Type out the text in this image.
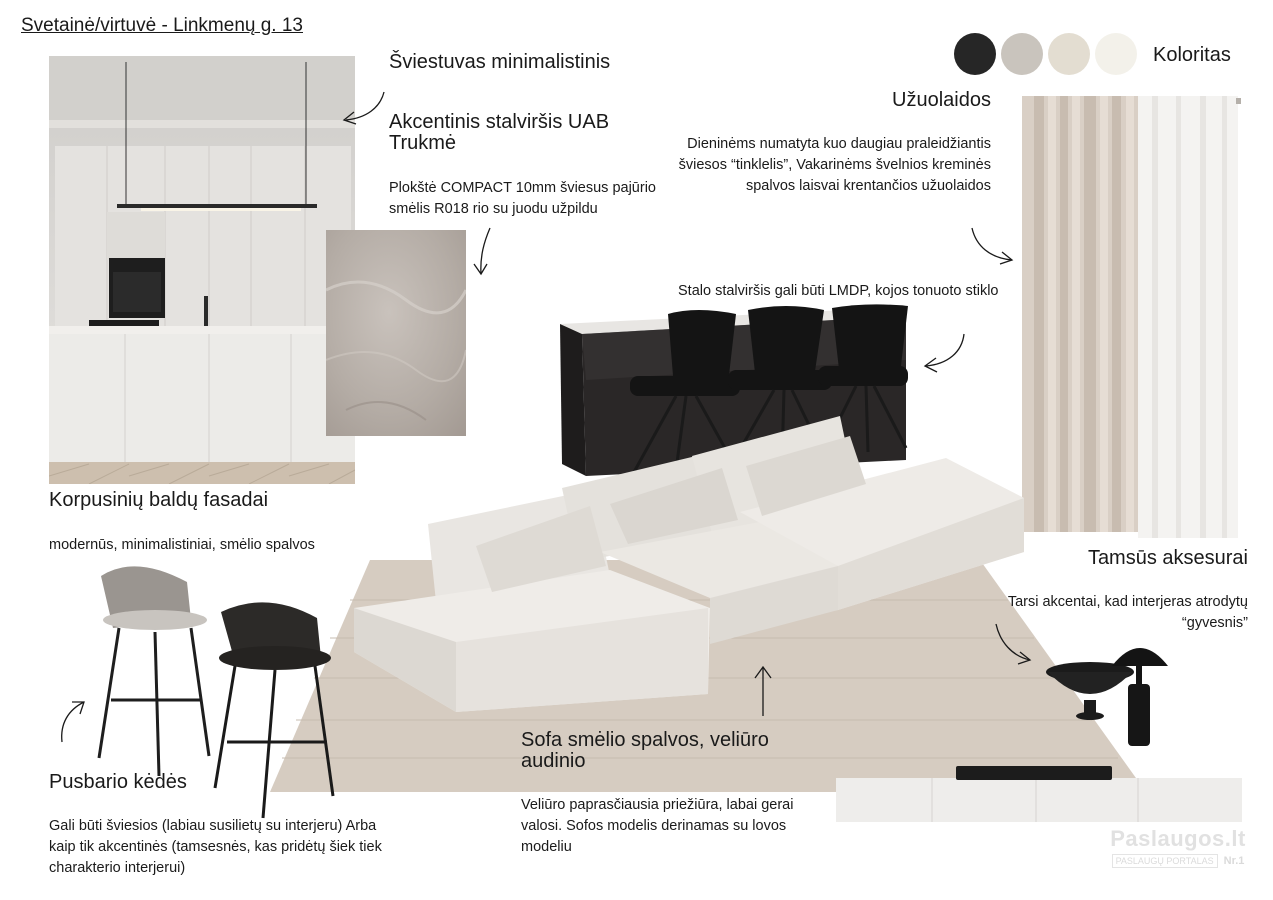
Svetainė/virtuvė - Linkmenų g. 13
Koloritas
Šviestuvas minimalistinis
Akcentinis stalviršis UAB Trukmė
Plokštė COMPACT 10mm šviesus pajūrio smėlis R018 rio su juodu užpildu
Užuolaidos
Dieninėms numatyta kuo daugiau praleidžiantis šviesos “tinklelis”, Vakarinėms švelnios kreminės spalvos laisvai krentančios užuolaidos
Stalo stalviršis gali būti LMDP, kojos tonuoto stiklo
Korpusinių baldų fasadai
modernūs, minimalistiniai, smėlio spalvos
Tamsūs aksesurai
Tarsi akcentai, kad interjeras atrodytų “gyvesnis”
Pusbario kėdės
Gali būti šviesios (labiau susilietų su interjeru) Arba kaip tik akcentinės (tamsesnės, kas pridėtų šiek tiek charakterio interjerui)
Sofa smėlio spalvos, veliūro audinio
Veliūro paprasčiausia priežiūra, labai gerai valosi. Sofos modelis derinamas su lovos modeliu	Paslaugos.lt
PASLAUGŲ PORTALAS Nr.1
